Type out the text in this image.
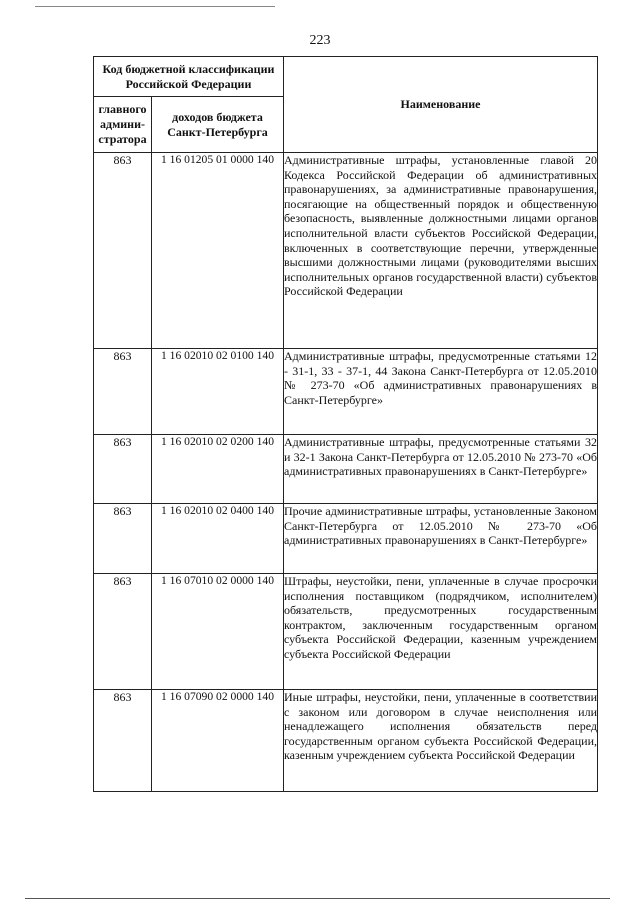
223
Код бюджетной классификации Российской Федерации		Наименование
главного админи-стратора	доходов бюджета Санкт-Петербурга	
863	1 16 01205 01 0000 140	Административные штрафы, установленные главой 20 Кодекса Российской Федерации об административных правонарушениях, за административные правонарушения, посягающие на общественный порядок и общественную безопасность, выявленные должностными лицами органов исполнительной власти субъектов Российской Федерации, включенных в соответствующие перечни, утвержденные высшими должностными лицами (руководителями высших исполнительных органов государственной власти) субъектов Российской Федерации
863	1 16 02010 02 0100 140	Административные штрафы, предусмотренные статьями 12 - 31-1, 33 - 37-1, 44 Закона Санкт-Петербурга от 12.05.2010 № 273-70 «Об административных правонарушениях в Санкт-Петербурге»
863	1 16 02010 02 0200 140	Административные штрафы, предусмотренные статьями 32 и 32-1 Закона Санкт-Петербурга от 12.05.2010 № 273-70 «Об административных правонарушениях в Санкт-Петербурге»
863	1 16 02010 02 0400 140	Прочие административные штрафы, установленные Законом Санкт-Петербурга от 12.05.2010 № 273-70 «Об административных правонарушениях в Санкт-Петербурге»
863	1 16 07010 02 0000 140	Штрафы, неустойки, пени, уплаченные в случае просрочки исполнения поставщиком (подрядчиком, исполнителем) обязательств, предусмотренных государственным контрактом, заключенным государственным органом субъекта Российской Федерации, казенным учреждением субъекта Российской Федерации
863	1 16 07090 02 0000 140	Иные штрафы, неустойки, пени, уплаченные в соответствии с законом или договором в случае неисполнения или ненадлежащего исполнения обязательств перед государственным органом субъекта Российской Федерации, казенным учреждением субъекта Российской Федерации
